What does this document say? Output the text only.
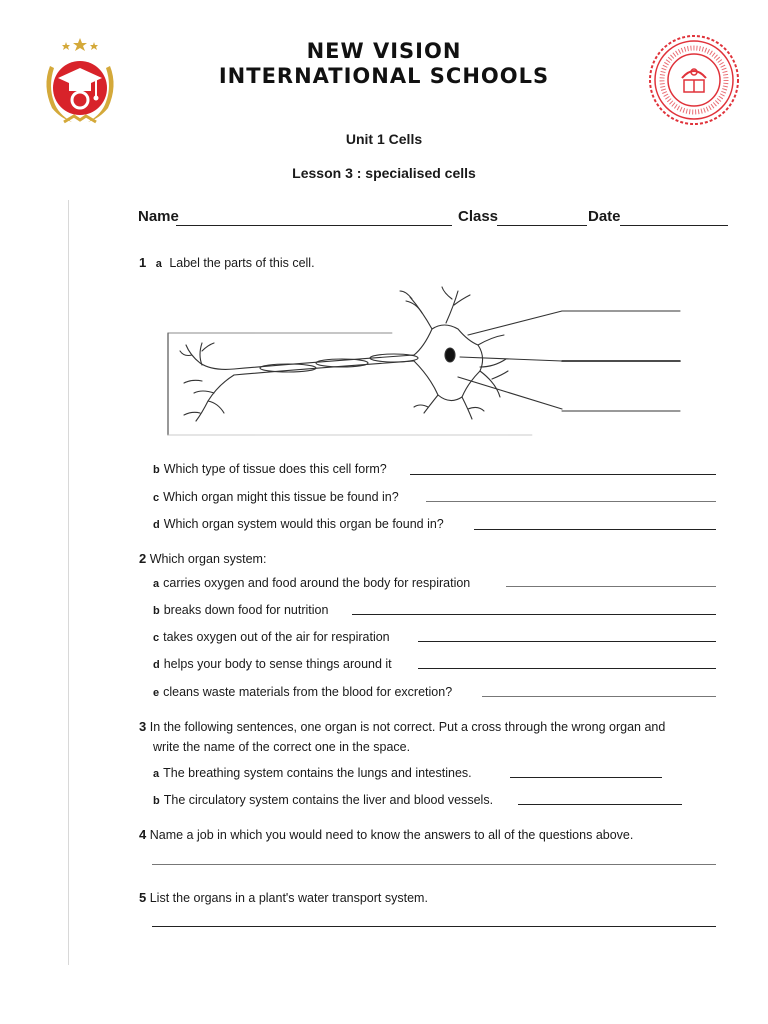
NEW VISION
INTERNATIONAL SCHOOLS
Unit 1 Cells
Lesson 3 : specialised cells
Name	Class	Date
1 a Label the parts of this cell.
b Which type of tissue does this cell form?
c Which organ might this tissue be found in?
d Which organ system would this organ be found in?
2 Which organ system:
a carries oxygen and food around the body for respiration
b breaks down food for nutrition
c takes oxygen out of the air for respiration
d helps your body to sense things around it
e cleans waste materials from the blood for excretion?
3 In the following sentences, one organ is not correct. Put a cross through the wrong organ and
write the name of the correct one in the space.
a The breathing system contains the lungs and intestines.
b The circulatory system contains the liver and blood vessels.
4 Name a job in which you would need to know the answers to all of the questions above.
5 List the organs in a plant's water transport system.
